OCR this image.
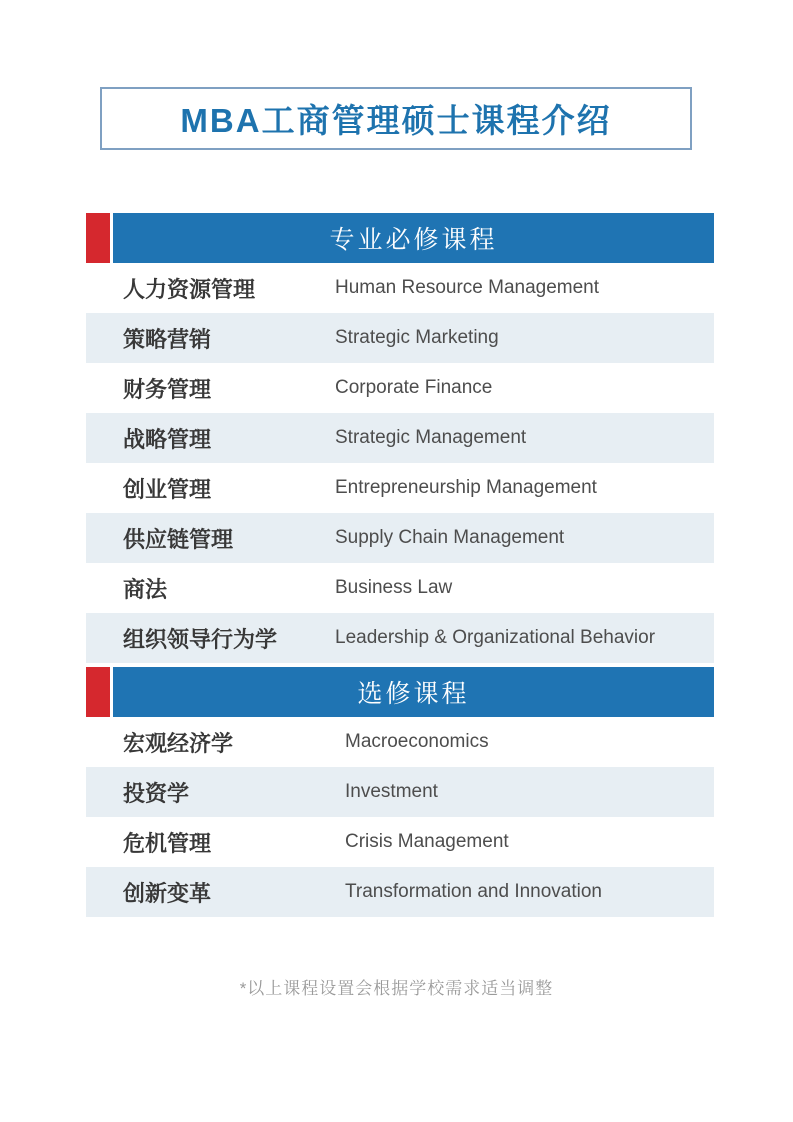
MBA工商管理硕士课程介绍
专业必修课程
人力资源管理	Human Resource Management
策略营销	Strategic Marketing
财务管理	Corporate Finance
战略管理	Strategic Management
创业管理	Entrepreneurship Management
供应链管理	Supply Chain Management
商法	Business Law
组织领导行为学	Leadership & Organizational Behavior
选修课程
宏观经济学	Macroeconomics
投资学	Investment
危机管理	Crisis Management
创新变革	Transformation and Innovation
*以上课程设置会根据学校需求适当调整
